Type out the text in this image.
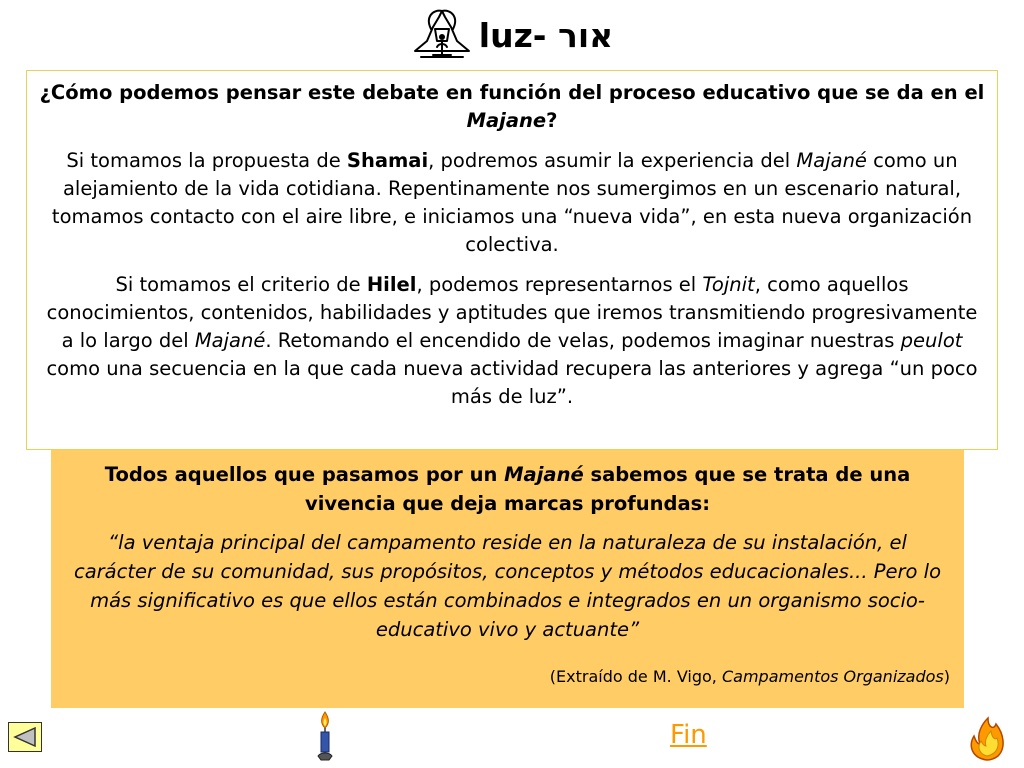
luz- אור

¿Cómo podemos pensar este debate en función del proceso educativo que se da en el Majane?

Si tomamos la propuesta de Shamai, podremos asumir la experiencia del Majané como un alejamiento de la vida cotidiana. Repentinamente nos sumergimos en un escenario natural, tomamos contacto con el aire libre, e iniciamos una “nueva vida”, en esta nueva organización colectiva.

Si tomamos el criterio de Hilel, podemos representarnos el Tojnit, como aquellos conocimientos, contenidos, habilidades y aptitudes que iremos transmitiendo progresivamente a lo largo del Majané. Retomando el encendido de velas, podemos imaginar nuestras peulot como una secuencia en la que cada nueva actividad recupera las anteriores y agrega “un poco más de luz”.

Todos aquellos que pasamos por un Majané sabemos que se trata de una vivencia que deja marcas profundas:

“la ventaja principal del campamento reside en la naturaleza de su instalación, el carácter de su comunidad, sus propósitos, conceptos y métodos educacionales... Pero lo más significativo es que ellos están combinados e integrados en un organismo socio-educativo vivo y actuante”

(Extraído de M. Vigo, Campamentos Organizados)

Fin
